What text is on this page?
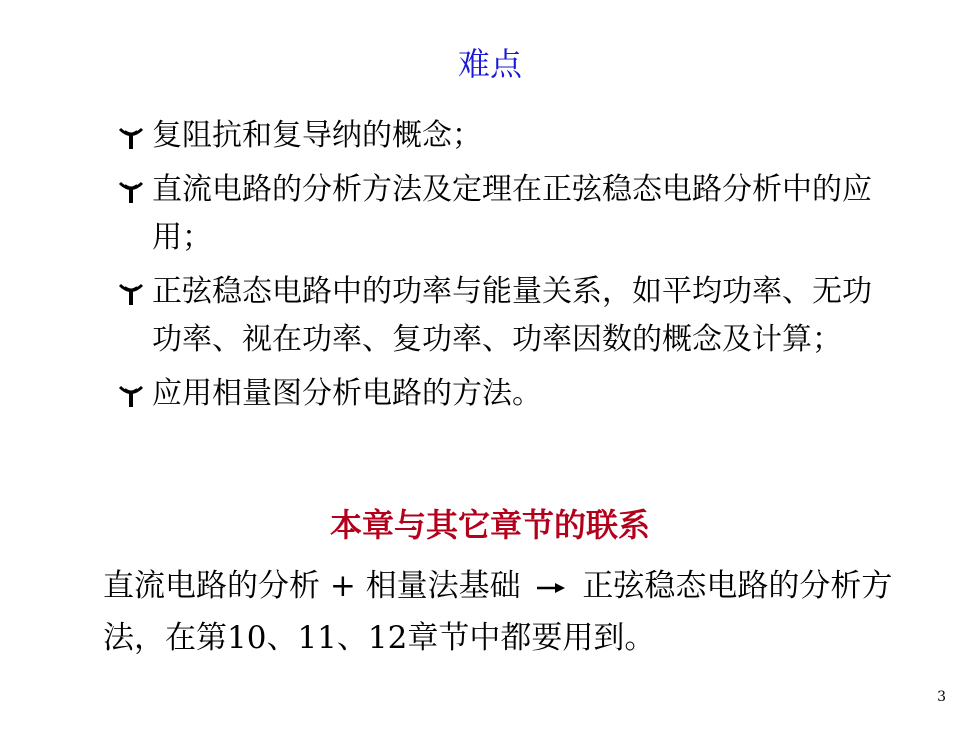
难点
复阻抗和复导纳的概念；
直流电路的分析方法及定理在正弦稳态电路分析中的应用；
正弦稳态电路中的功率与能量关系，如平均功率、无功功率、视在功率、复功率、功率因数的概念及计算；
应用相量图分析电路的方法。
本章与其它章节的联系
直流电路的分析 + 相量法基础 正弦稳态电路的分析方法，在第10、11、12章节中都要用到。
3
